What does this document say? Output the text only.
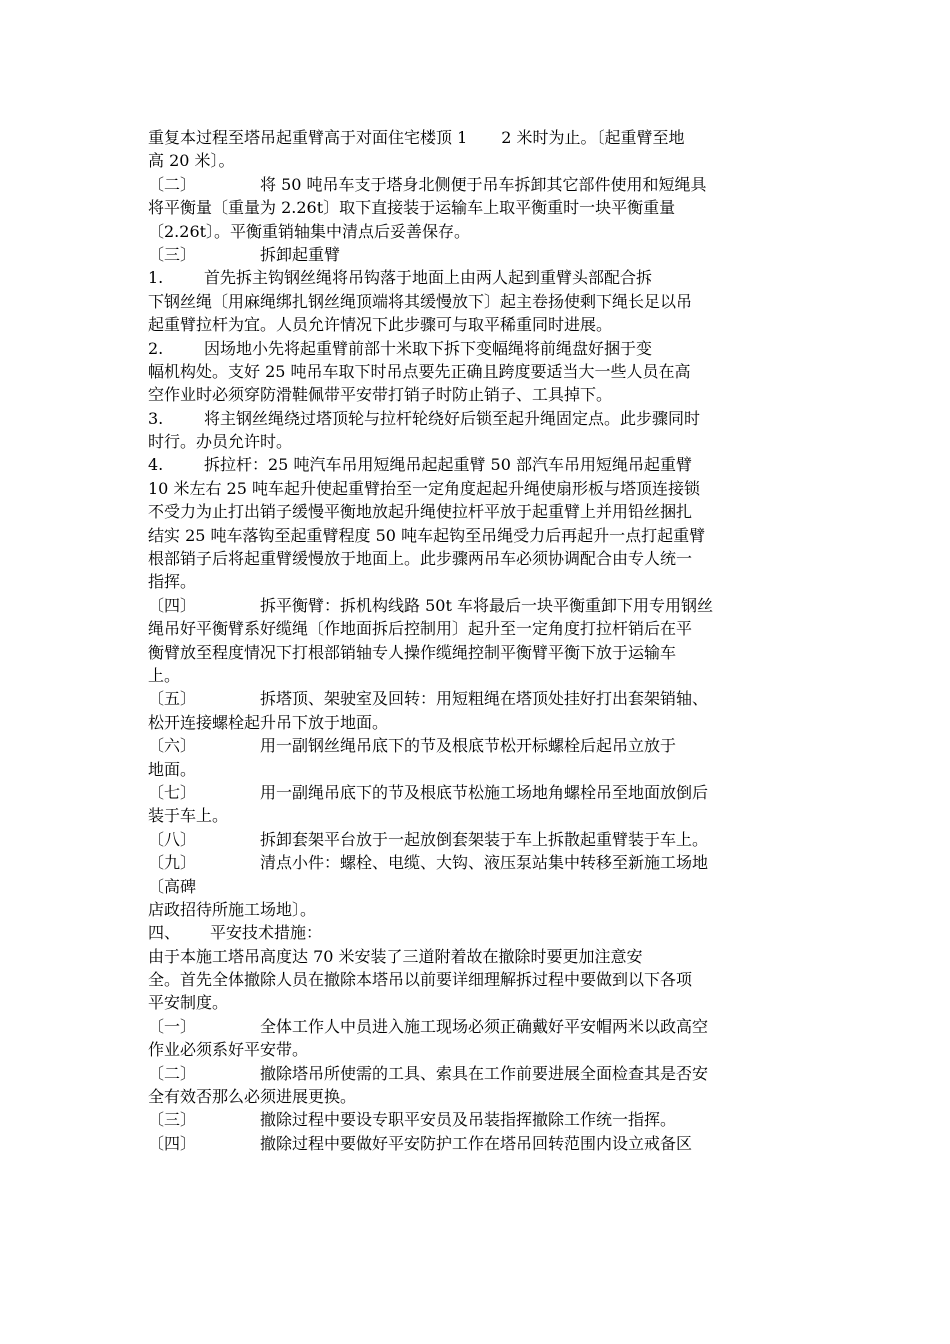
重复本过程至塔吊起重臂高于对面住宅楼顶 1 2 米时为止。〔起重臂至地
高 20 米〕。
〔二〕	将 50 吨吊车支于塔身北侧便于吊车拆卸其它部件使用和短绳具
将平衡量〔重量为 2.26t〕取下直接装于运输车上取平衡重时一块平衡重量
〔2.26t〕。平衡重销轴集中清点后妥善保存。
〔三〕	拆卸起重臂
1.	首先拆主钩钢丝绳将吊钩落于地面上由两人起到重臂头部配合拆
下钢丝绳〔用麻绳绑扎钢丝绳顶端将其缓慢放下〕起主卷扬使剩下绳长足以吊
起重臂拉杆为宜。人员允许情况下此步骤可与取平稀重同时进展。
2.	因场地小先将起重臂前部十米取下拆下变幅绳将前绳盘好捆于变
幅机构处。支好 25 吨吊车取下时吊点要先正确且跨度要适当大一些人员在高
空作业时必须穿防滑鞋佩带平安带打销子时防止销子、工具掉下。
3.	将主钢丝绳绕过塔顶轮与拉杆轮绕好后锁至起升绳固定点。此步骤同时
时行。办员允许时。
4.	拆拉杆：25 吨汽车吊用短绳吊起起重臂 50 部汽车吊用短绳吊起重臂
10 米左右 25 吨车起升使起重臂抬至一定角度起起升绳使扇形板与塔顶连接锁
不受力为止打出销子缓慢平衡地放起升绳使拉杆平放于起重臂上并用铅丝捆扎
结实 25 吨车落钩至起重臂程度 50 吨车起钩至吊绳受力后再起升一点打起重臂
根部销子后将起重臂缓慢放于地面上。此步骤两吊车必须协调配合由专人统一
指挥。
〔四〕	拆平衡臂：拆机构线路 50t 车将最后一块平衡重卸下用专用钢丝
绳吊好平衡臂系好缆绳〔作地面拆后控制用〕起升至一定角度打拉杆销后在平
衡臂放至程度情况下打根部销轴专人操作缆绳控制平衡臂平衡下放于运输车
上。
〔五〕	拆塔顶、架驶室及回转：用短粗绳在塔顶处挂好打出套架销轴、
松开连接螺栓起升吊下放于地面。
〔六〕	用一副钢丝绳吊底下的节及根底节松开标螺栓后起吊立放于
地面。
〔七〕	用一副绳吊底下的节及根底节松施工场地角螺栓吊至地面放倒后
装于车上。
〔八〕	拆卸套架平台放于一起放倒套架装于车上拆散起重臂装于车上。
〔九〕	清点小件：螺栓、电缆、大钩、液压泵站集中转移至新施工场地
〔高碑
店政招待所施工场地〕。
四、 平安技术措施：
由于本施工塔吊高度达 70 米安装了三道附着故在撤除时要更加注意安
全。首先全体撤除人员在撤除本塔吊以前要详细理解拆过程中要做到以下各项
平安制度。
〔一〕	全体工作人中员进入施工现场必须正确戴好平安帽两米以政高空
作业必须系好平安带。
〔二〕	撤除塔吊所使需的工具、索具在工作前要进展全面检查其是否安
全有效否那么必须进展更换。
〔三〕	撤除过程中要设专职平安员及吊装指挥撤除工作统一指挥。
〔四〕	撤除过程中要做好平安防护工作在塔吊回转范围内设立戒备区
